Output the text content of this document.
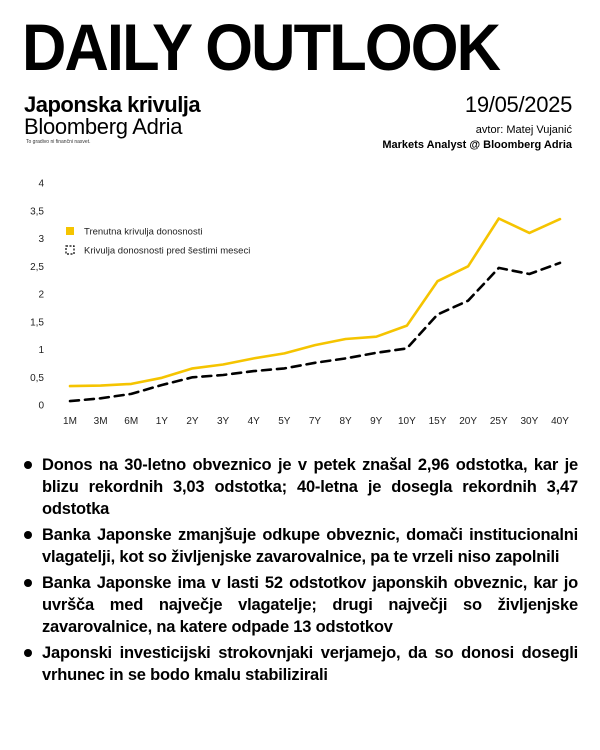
DAILY OUTLOOK
Japonska krivulja
Bloomberg Adria
To gradivo ni finančni nasvet.
19/05/2025
avtor: Matej Vujanić
Markets Analyst @ Bloomberg Adria
0
0,5
1
1,5
2
2,5
3
3,5
4
1M 3M 6M 1Y 2Y 3Y 4Y 5Y 7Y 8Y 9Y 10Y 15Y 20Y 25Y 30Y 40Y
Trenutna krivulja donosnosti
Krivulja donosnosti pred šestimi meseci
Donos na 30-letno obveznico je v petek znašal 2,96 odstotka, kar je blizu rekordnih 3,03 odstotka; 40-letna je dosegla rekordnih 3,47 odstotka
Banka Japonske zmanjšuje odkupe obveznic, domači institucionalni vlagatelji, kot so življenjske zavarovalnice, pa te vrzeli niso zapolnili
Banka Japonske ima v lasti 52 odstotkov japonskih obveznic, kar jo uvršča med največje vlagatelje; drugi največji so življenjske zavarovalnice, na katere odpade 13 odstotkov
Japonski investicijski strokovnjaki verjamejo, da so donosi dosegli vrhunec in se bodo kmalu stabilizirali
